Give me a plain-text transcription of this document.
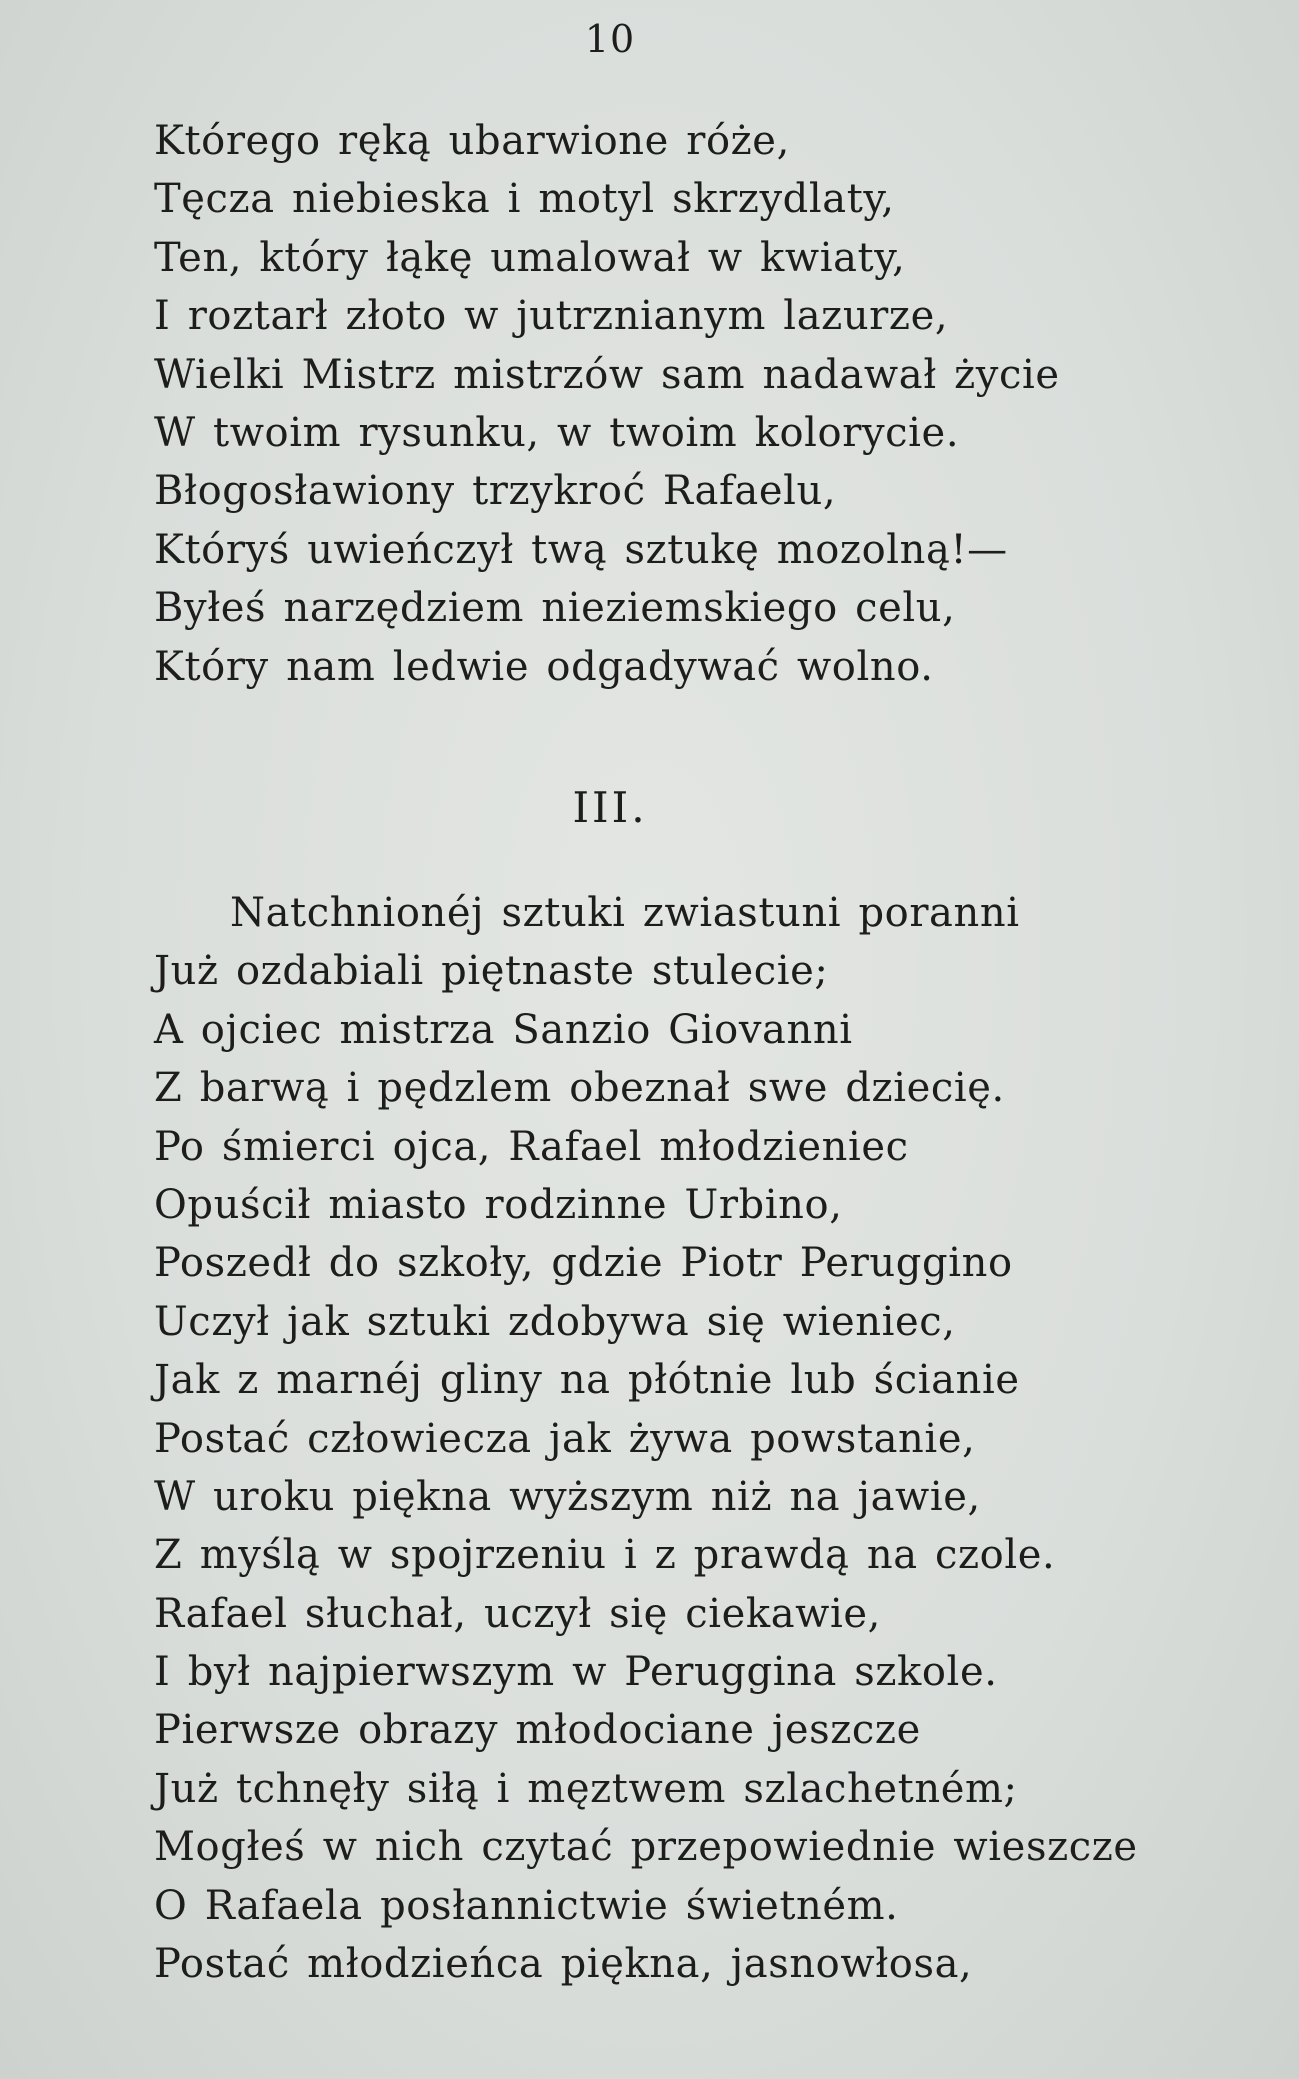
10
Którego ręką ubarwione róże,
Tęcza niebieska i motyl skrzydlaty,
Ten, który łąkę umalował w kwiaty,
I roztarł złoto w jutrznianym lazurze,
Wielki Mistrz mistrzów sam nadawał życie
W twoim rysunku, w twoim kolorycie.
Błogosławiony trzykroć Rafaelu,
Któryś uwieńczył twą sztukę mozolną!—
Byłeś narzędziem nieziemskiego celu,
Który nam ledwie odgadywać wolno.
III.
Natchnionéj sztuki zwiastuni poranni
Już ozdabiali piętnaste stulecie;
A ojciec mistrza Sanzio Giovanni
Z barwą i pędzlem obeznał swe dziecię.
Po śmierci ojca, Rafael młodzieniec
Opuścił miasto rodzinne Urbino,
Poszedł do szkoły, gdzie Piotr Peruggino
Uczył jak sztuki zdobywa się wieniec,
Jak z marnéj gliny na płótnie lub ścianie
Postać człowiecza jak żywa powstanie,
W uroku piękna wyższym niż na jawie,
Z myślą w spojrzeniu i z prawdą na czole.
Rafael słuchał, uczył się ciekawie,
I był najpierwszym w Peruggina szkole.
Pierwsze obrazy młodociane jeszcze
Już tchnęły siłą i męztwem szlachetném;
Mogłeś w nich czytać przepowiednie wieszcze
O Rafaela posłannictwie świetném.
Postać młodzieńca piękna, jasnowłosa,
